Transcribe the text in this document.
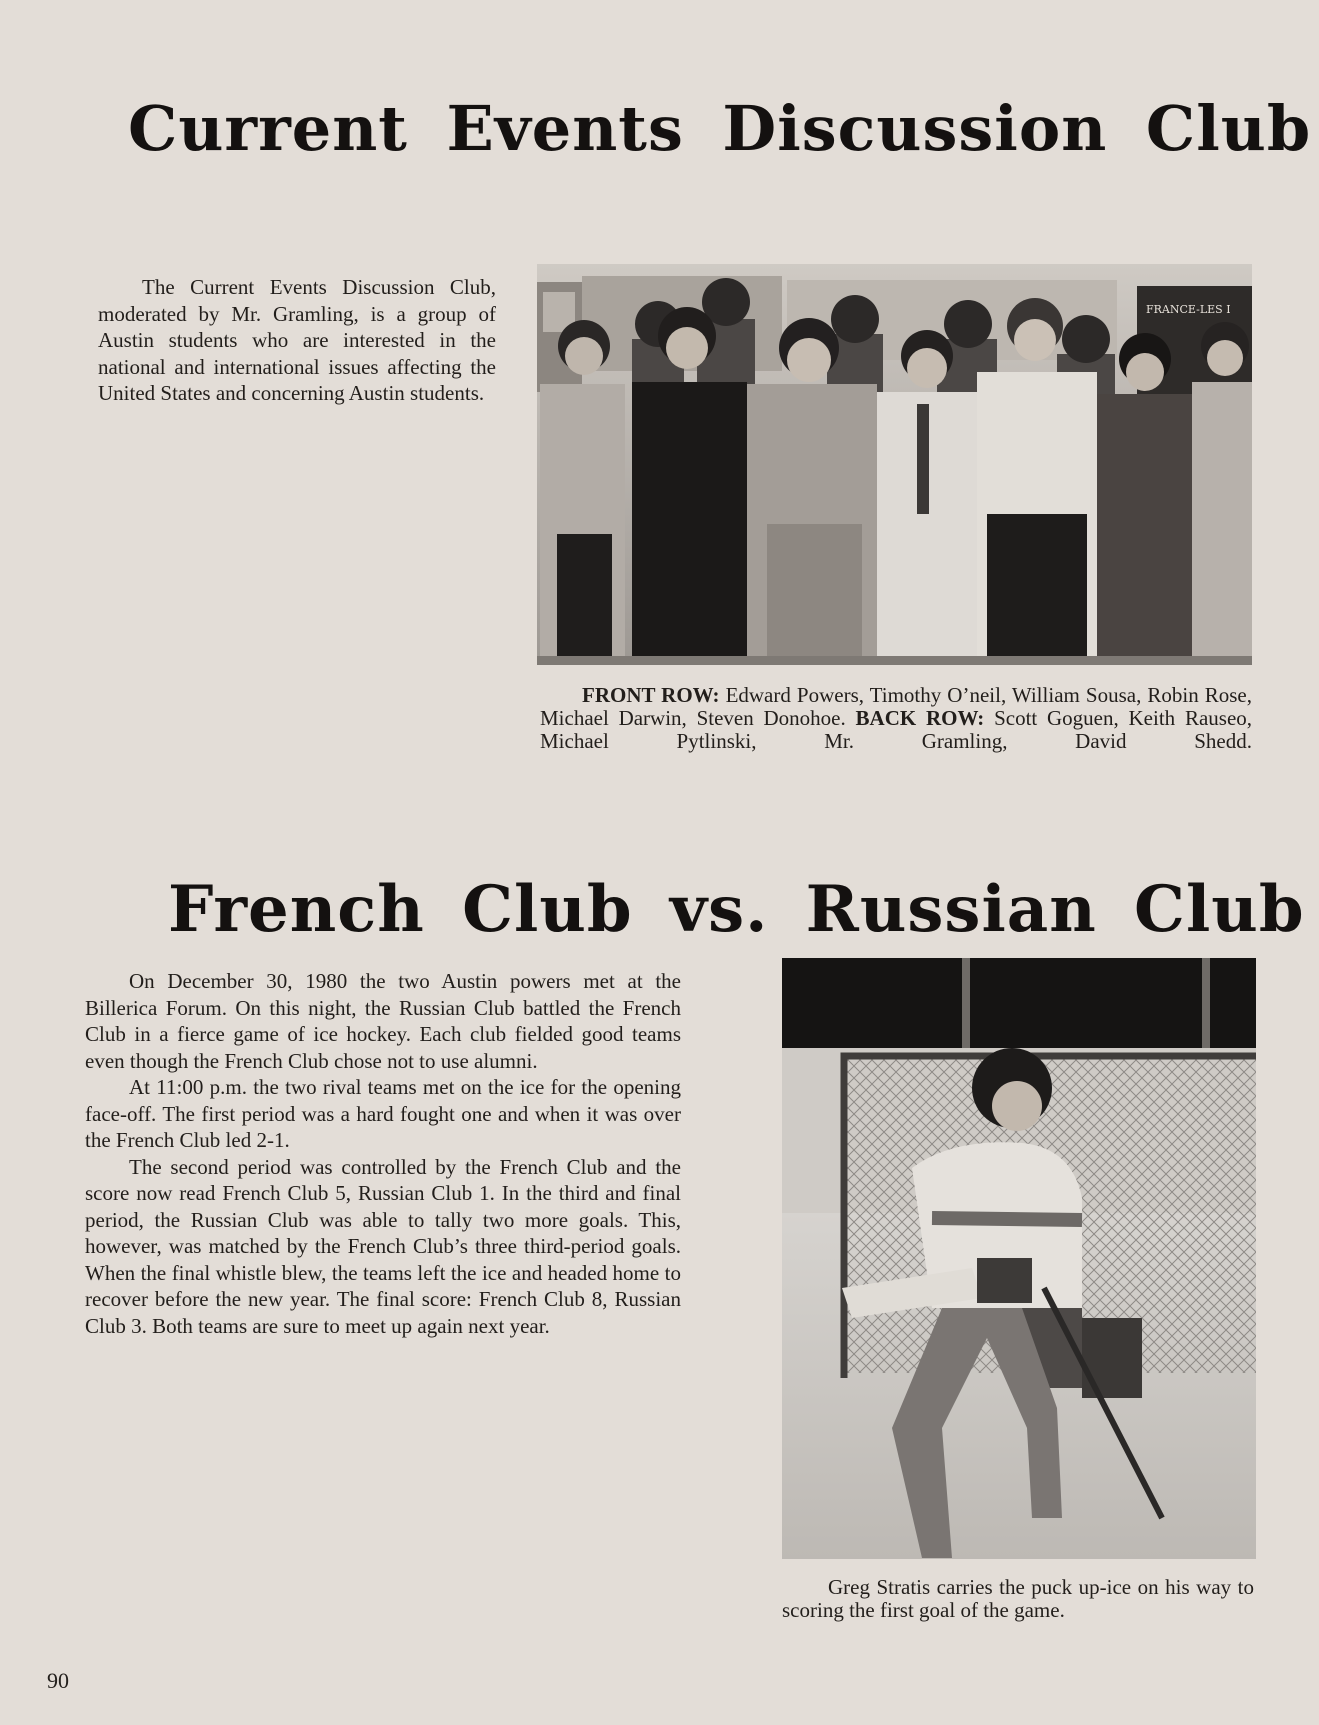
Current Events Discussion Club

The Current Events Discussion Club, moderated by Mr. Gramling, is a group of Austin students who are interested in the national and international issues affecting the United States and concerning Austin students.

FRANCE-LES I

FRONT ROW: Edward Powers, Timothy O’neil, William Sousa, Robin Rose, Michael Darwin, Steven Donohoe. BACK ROW: Scott Goguen, Keith Rauseo, Michael Pytlinski, Mr. Gramling, David Shedd.

French Club vs. Russian Club

On December 30, 1980 the two Austin powers met at the Billerica Forum. On this night, the Russian Club battled the French Club in a fierce game of ice hockey. Each club fielded good teams even though the French Club chose not to use alumni.

At 11:00 p.m. the two rival teams met on the ice for the opening face-off. The first period was a hard fought one and when it was over the French Club led 2-1.

The second period was controlled by the French Club and the score now read French Club 5, Russian Club 1. In the third and final period, the Russian Club was able to tally two more goals. This, however, was matched by the French Club’s three third-period goals. When the final whistle blew, the teams left the ice and headed home to recover before the new year. The final score: French Club 8, Russian Club 3. Both teams are sure to meet up again next year.

Greg Stratis carries the puck up-ice on his way to scoring the first goal of the game.

90
